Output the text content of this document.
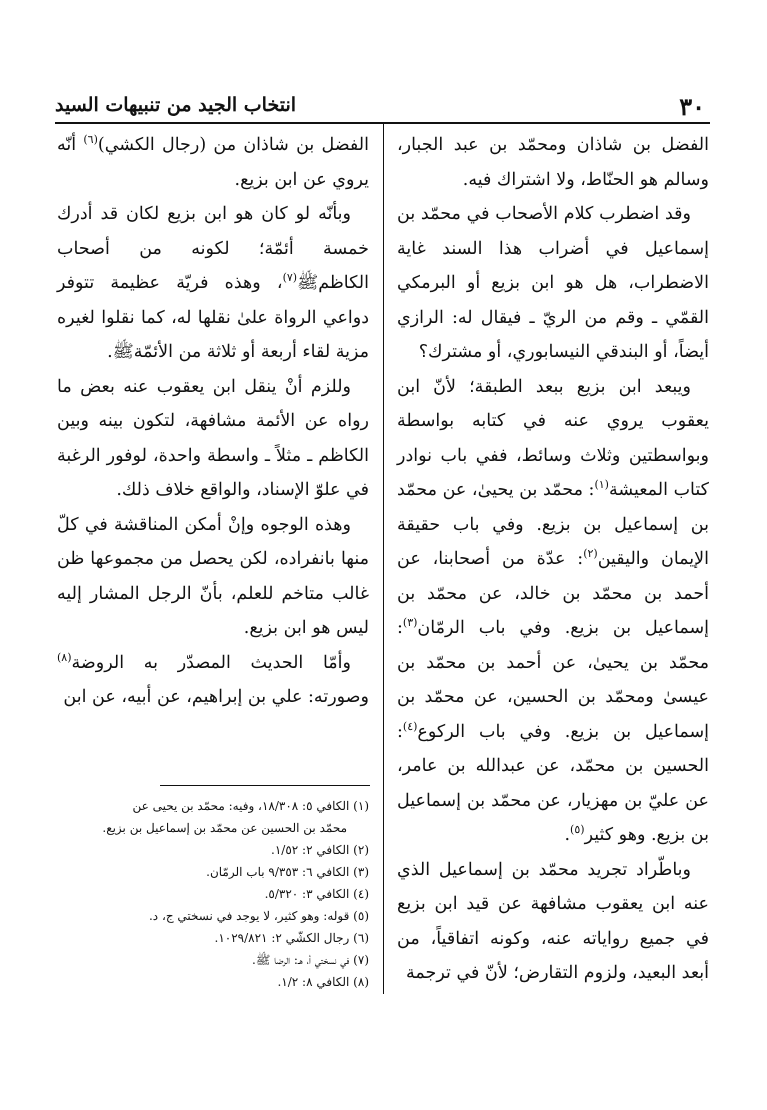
٣٠
انتخاب الجيد من تنبيهات السيد

الفضل بن شاذان ومحمّد بن عبد الجبار، وسالم هو الحنّاط، ولا اشتراك فيه.

وقد اضطرب كلام الأصحاب في محمّد بن إسماعيل في أضراب هذا السند غاية الاضطراب، هل هو ابن بزيع أو البرمكي القمّي ـ وقم من الريّ ـ فيقال له: الرازي أيضاً، أو البندقي النيسابوري، أو مشترك؟

ويبعد ابن بزيع ببعد الطبقة؛ لأنّ ابن يعقوب يروي عنه في كتابه بواسطة وبواسطتين وثلاث وسائط، ففي باب نوادر كتاب المعيشة$^{(١)}$: محمّد بن يحيىٰ، عن محمّد بن إسماعيل بن بزيع. وفي باب حقيقة الإيمان واليقين$^{(٢)}$: عدّة من أصحابنا، عن أحمد بن محمّد بن خالد، عن محمّد بن إسماعيل بن بزيع. وفي باب الرمّان$^{(٣)}$: محمّد بن يحيىٰ، عن أحمد بن محمّد بن عيسىٰ ومحمّد بن الحسين، عن محمّد بن إسماعيل بن بزيع. وفي باب الركوع$^{(٤)}$: الحسين بن محمّد، عن عبدالله بن عامر، عن عليّ بن مهزيار، عن محمّد بن إسماعيل بن بزيع. وهو كثير$^{(٥)}$.

وباطّراد تجريد محمّد بن إسماعيل الذي عنه ابن يعقوب مشافهة عن قيد ابن بزيع في جميع رواياته عنه، وكونه اتفاقياً، من أبعد البعيد، ولزوم التقارض؛ لأنّ في ترجمة

الفضل بن شاذان من (رجال الكشي)$^{(٦)}$ أنّه يروي عن ابن بزيع.

وبأنّه لو كان هو ابن بزيع لكان قد أدرك خمسة أئمّة؛ لكونه من أصحاب الكاظمﷺ$^{(٧)}$، وهذه فريّة عظيمة تتوفر دواعي الرواة علىٰ نقلها له، كما نقلوا لغيره مزية لقاء أربعة أو ثلاثة من الأئمّةﷺ.

وللزم أنْ ينقل ابن يعقوب عنه بعض ما رواه عن الأئمة مشافهة، لتكون بينه وبين الكاظم ـ مثلاً ـ واسطة واحدة، لوفور الرغبة في علوّ الإسناد، والواقع خلاف ذلك.

وهذه الوجوه وإنْ أمكن المناقشة في كلّ منها بانفراده، لكن يحصل من مجموعها ظن غالب متاخم للعلم، بأنّ الرجل المشار إليه ليس هو ابن بزيع.

وأمّا الحديث المصدّر به الروضة$^{(٨)}$ وصورته: علي بن إبراهيم، عن أبيه، عن ابن

(١) الكافي ٥: ١٨/٣٠٨، وفيه: محمّد بن يحيى عن

محمّد بن الحسين عن محمّد بن إسماعيل بن بزيع.

(٢) الكافي ٢: ١/٥٢.

(٣) الكافي ٦: ٩/٣٥٣ باب الرمّان.

(٤) الكافي ٣: ٥/٣٢٠.

(٥) قوله: وهو كثير، لا يوجد في نسختي ج، د.

(٦) رجال الكشّي ٢: ١٠٢٩/٨٢١.

(٧) في نسختي أ، هـ: الرضا ﷺ.

(٨) الكافي ٨: ١/٢.
